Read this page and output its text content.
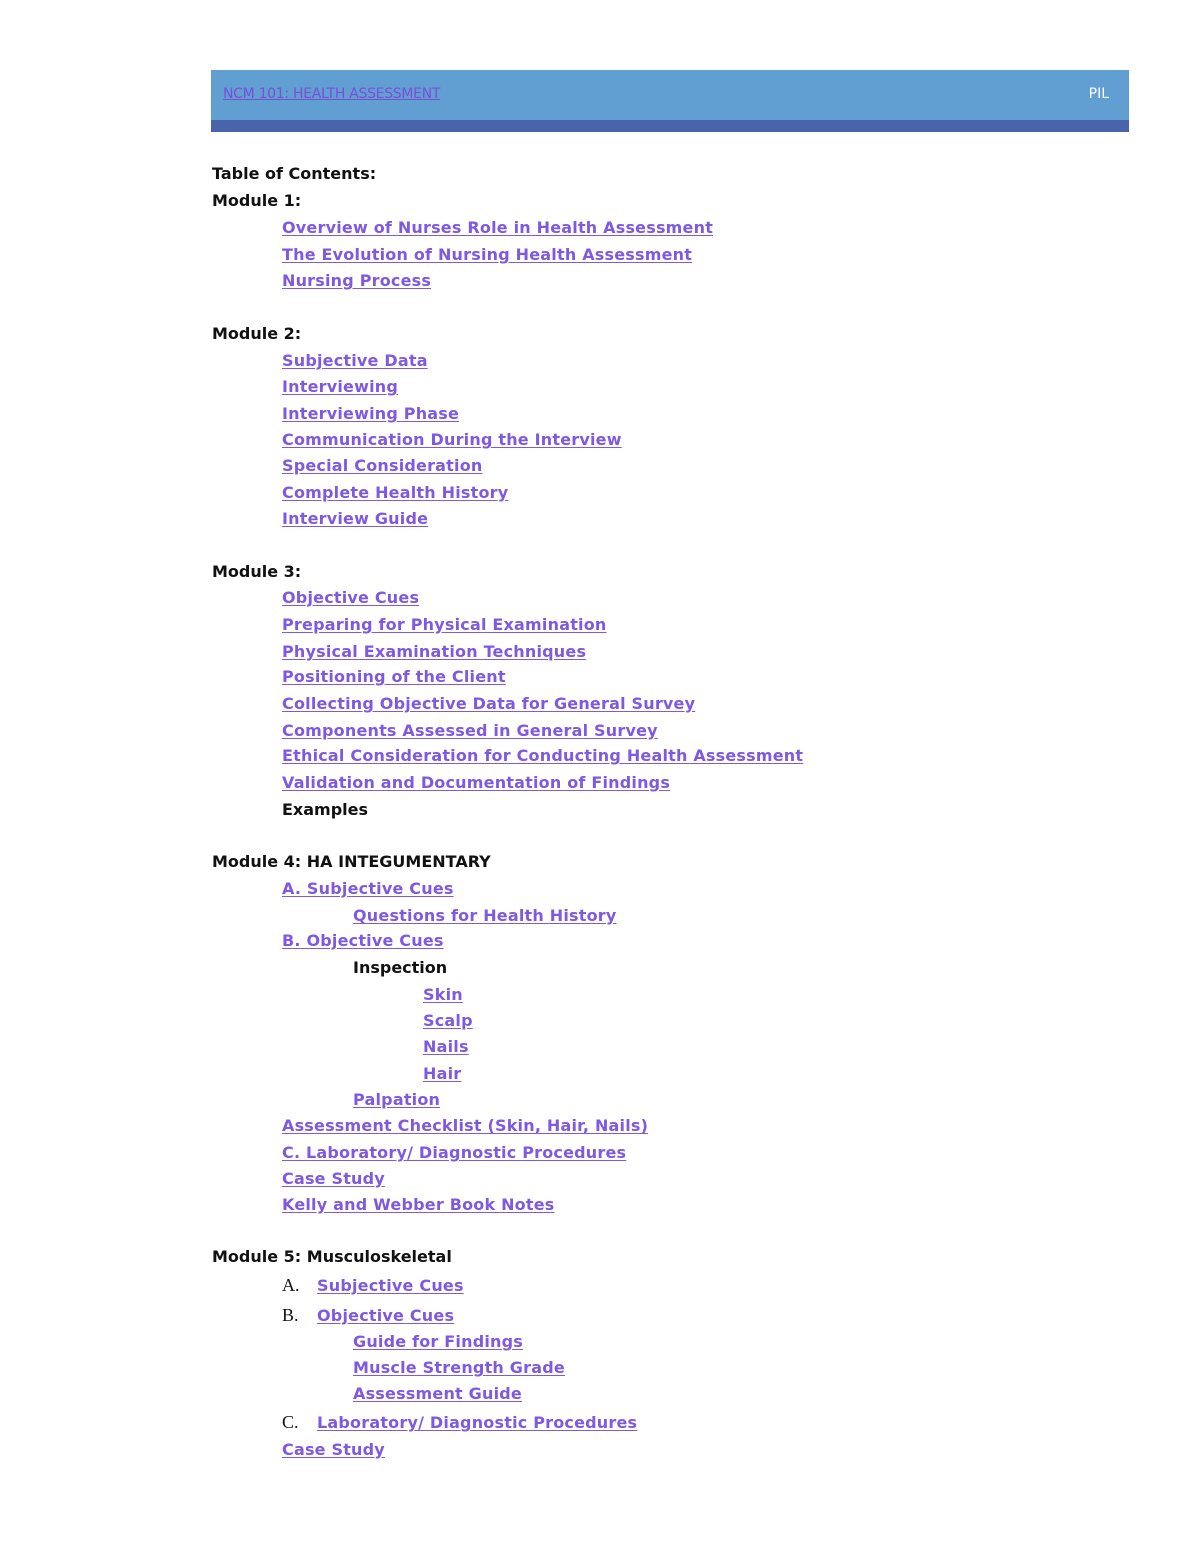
NCM 101: HEALTH ASSESSMENT	PIL
Table of Contents:
Module 1:
Overview of Nurses Role in Health Assessment
The Evolution of Nursing Health Assessment
Nursing Process
Module 2:
Subjective Data
Interviewing
Interviewing Phase
Communication During the Interview
Special Consideration
Complete Health History
Interview Guide
Module 3:
Objective Cues
Preparing for Physical Examination
Physical Examination Techniques
Positioning of the Client
Collecting Objective Data for General Survey
Components Assessed in General Survey
Ethical Consideration for Conducting Health Assessment
Validation and Documentation of Findings
Examples
Module 4: HA INTEGUMENTARY
A. Subjective Cues
Questions for Health History
B. Objective Cues
Inspection
Skin
Scalp
Nails
Hair
Palpation
Assessment Checklist (Skin, Hair, Nails)
C. Laboratory/ Diagnostic Procedures
Case Study
Kelly and Webber Book Notes
Module 5: Musculoskeletal
A. Subjective Cues
B. Objective Cues
Guide for Findings
Muscle Strength Grade
Assessment Guide
C. Laboratory/ Diagnostic Procedures
Case Study
